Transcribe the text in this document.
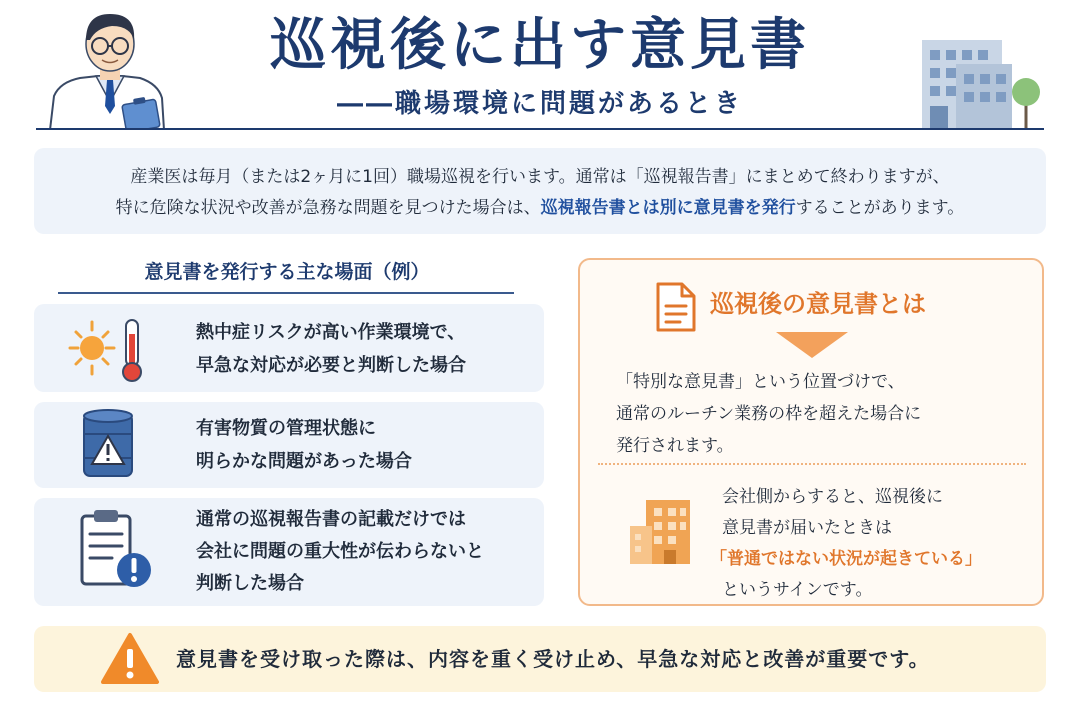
巡視後に出す意見書
――職場環境に問題があるとき
産業医は毎月（または2ヶ月に1回）職場巡視を行います。通常は「巡視報告書」にまとめて終わりますが、
特に危険な状況や改善が急務な問題を見つけた場合は、巡視報告書とは別に意見書を発行することがあります。
意見書を発行する主な場面（例）
熱中症リスクが高い作業環境で、
早急な対応が必要と判断した場合
有害物質の管理状態に
明らかな問題があった場合
通常の巡視報告書の記載だけでは
会社に問題の重大性が伝わらないと
判断した場合
巡視後の意見書とは
「特別な意見書」という位置づけで、
通常のルーチン業務の枠を超えた場合に
発行されます。
会社側からすると、巡視後に
意見書が届いたときは
「普通ではない状況が起きている」
というサインです。
意見書を受け取った際は、内容を重く受け止め、早急な対応と改善が重要です。
